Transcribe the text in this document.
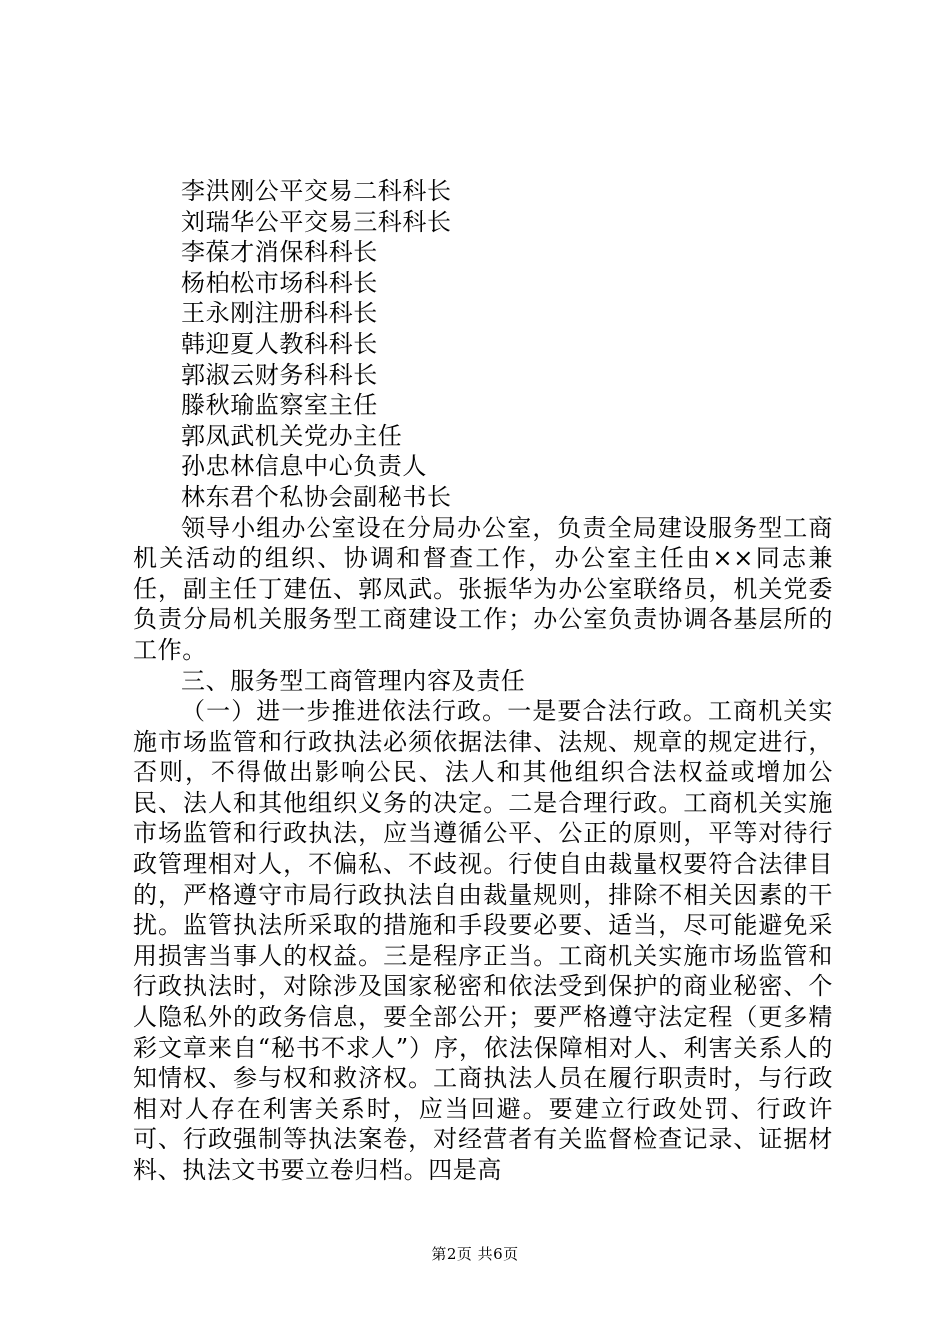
李洪刚公平交易二科科长
刘瑞华公平交易三科科长
李葆才消保科科长
杨柏松市场科科长
王永刚注册科科长
韩迎夏人教科科长
郭淑云财务科科长
滕秋瑜监察室主任
郭凤武机关党办主任
孙忠林信息中心负责人
林东君个私协会副秘书长

领导小组办公室设在分局办公室，负责全局建设服务型工商机关活动的组织、协调和督查工作，办公室主任由××同志兼任，副主任丁建伍、郭凤武。张振华为办公室联络员，机关党委负责分局机关服务型工商建设工作；办公室负责协调各基层所的工作。

三、服务型工商管理内容及责任

（一）进一步推进依法行政。一是要合法行政。工商机关实施市场监管和行政执法必须依据法律、法规、规章的规定进行，否则，不得做出影响公民、法人和其他组织合法权益或增加公民、法人和其他组织义务的决定。二是合理行政。工商机关实施市场监管和行政执法，应当遵循公平、公正的原则，平等对待行政管理相对人，不偏私、不歧视。行使自由裁量权要符合法律目的，严格遵守市局行政执法自由裁量规则，排除不相关因素的干扰。监管执法所采取的措施和手段要必要、适当，尽可能避免采用损害当事人的权益。三是程序正当。工商机关实施市场监管和行政执法时，对除涉及国家秘密和依法受到保护的商业秘密、个人隐私外的政务信息，要全部公开；要严格遵守法定程（更多精彩文章来自“秘书不求人”）序，依法保障相对人、利害关系人的知情权、参与权和救济权。工商执法人员在履行职责时，与行政相对人存在利害关系时，应当回避。要建立行政处罚、行政许可、行政强制等执法案卷，对经营者有关监督检查记录、证据材料、执法文书要立卷归档。四是高

第2页 共6页
